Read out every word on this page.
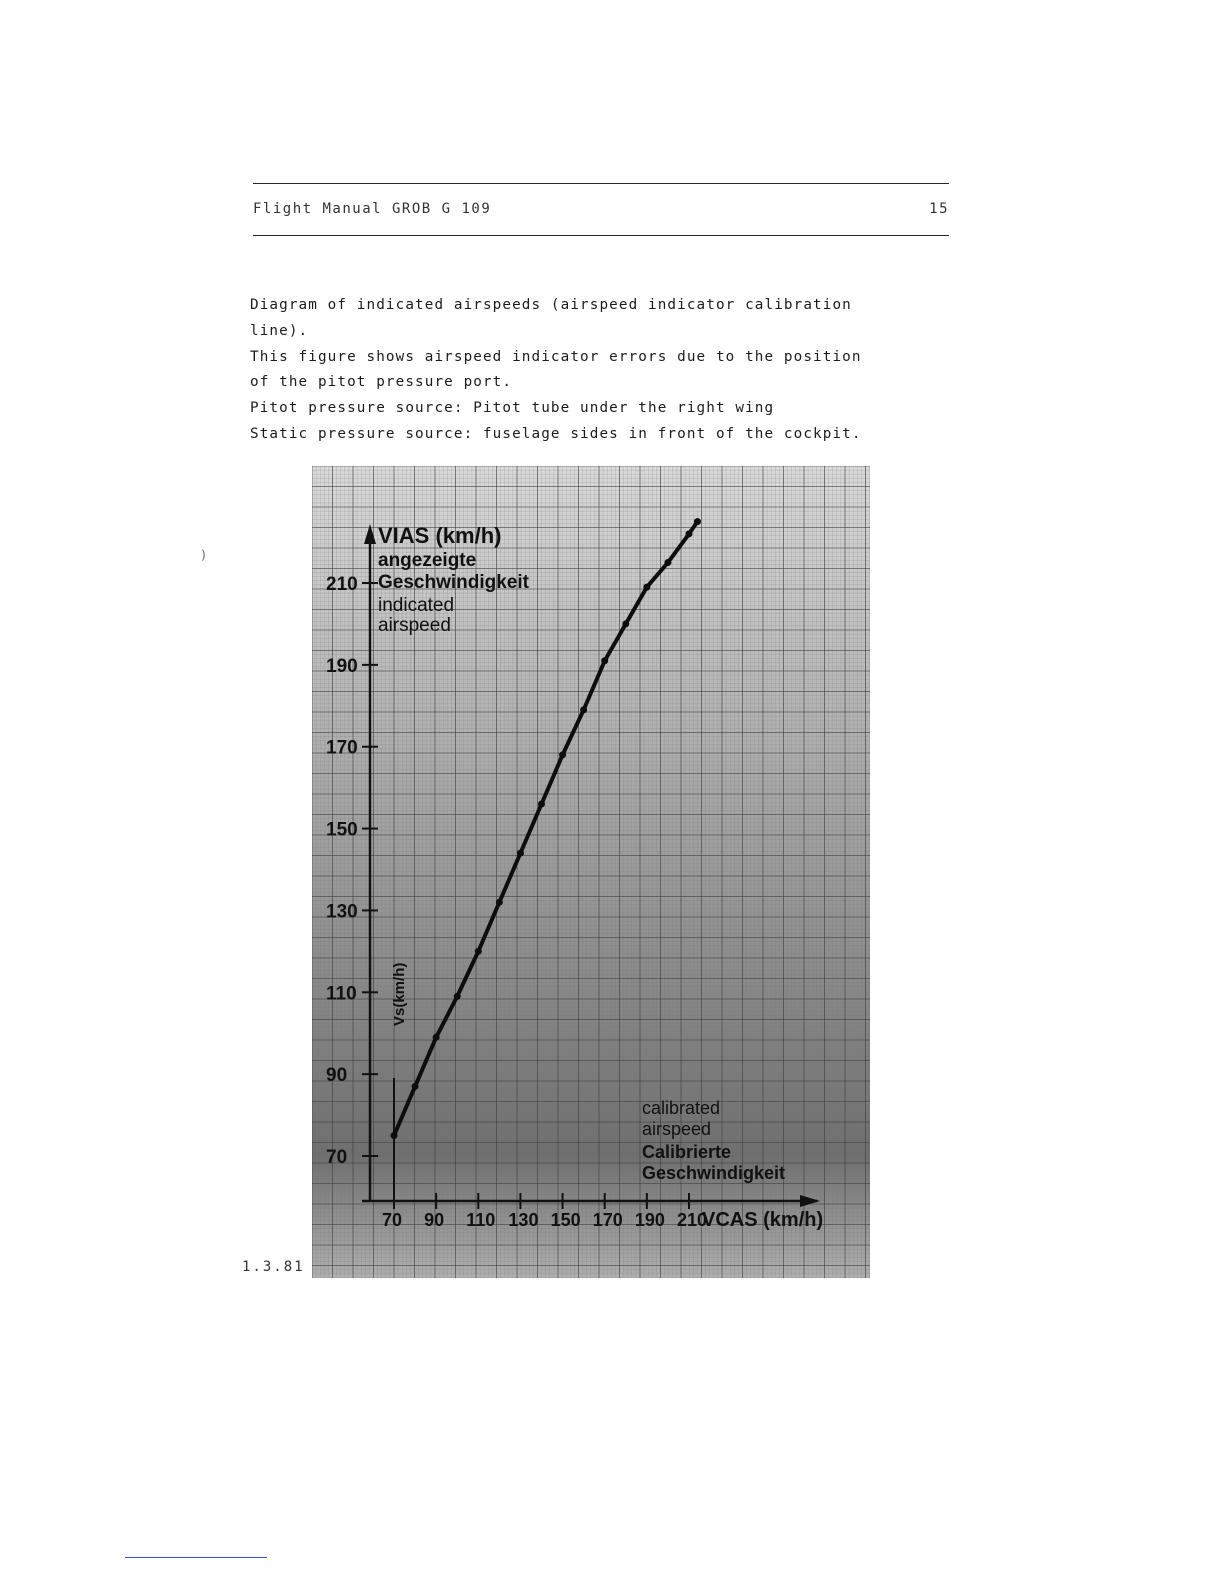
Flight Manual GROB G 109	15
Diagram of indicated airspeeds (airspeed indicator calibration
line).
This figure shows airspeed indicator errors due to the position
of the pitot pressure port.
Pitot pressure source: Pitot tube under the right wing
Static pressure source: fuselage sides in front of the cockpit.
70
90
110
130
150
170
190
210
70 90 110 130 150 170 190 210
VIAS (km/h)
angezeigte
Geschwindigkeit
indicated
airspeed
VCAS (km/h)
calibrated
airspeed
Calibrierte
Geschwindigkeit
Vs(km/h)
1.3.81
)
